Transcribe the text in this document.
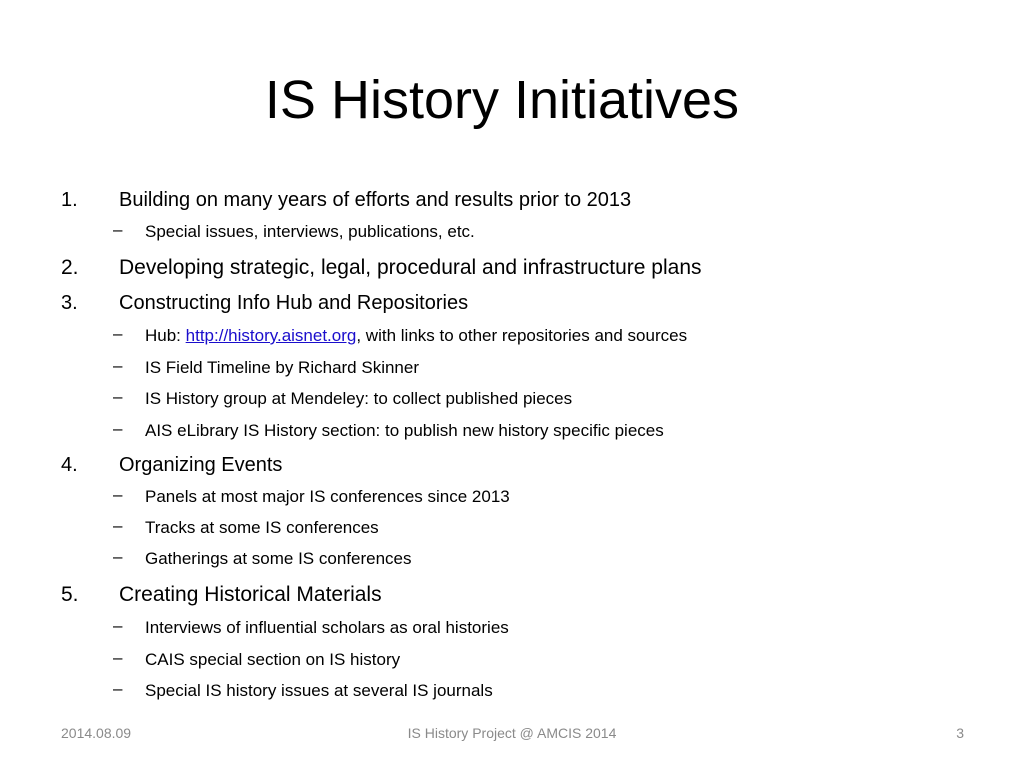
IS History Initiatives
1. Building on many years of efforts and results prior to 2013
– Special issues, interviews, publications, etc.
2. Developing strategic, legal, procedural and infrastructure plans
3. Constructing Info Hub and Repositories
– Hub: http://history.aisnet.org, with links to other repositories and sources
– IS Field Timeline by Richard Skinner
– IS History group at Mendeley: to collect published pieces
– AIS eLibrary IS History section: to publish new history specific pieces
4. Organizing Events
– Panels at most major IS conferences since 2013
– Tracks at some IS conferences
– Gatherings at some IS conferences
5. Creating Historical Materials
– Interviews of influential scholars as oral histories
– CAIS special section on IS history
– Special IS history issues at several IS journals
2014.08.09	IS History Project @ AMCIS 2014	3
